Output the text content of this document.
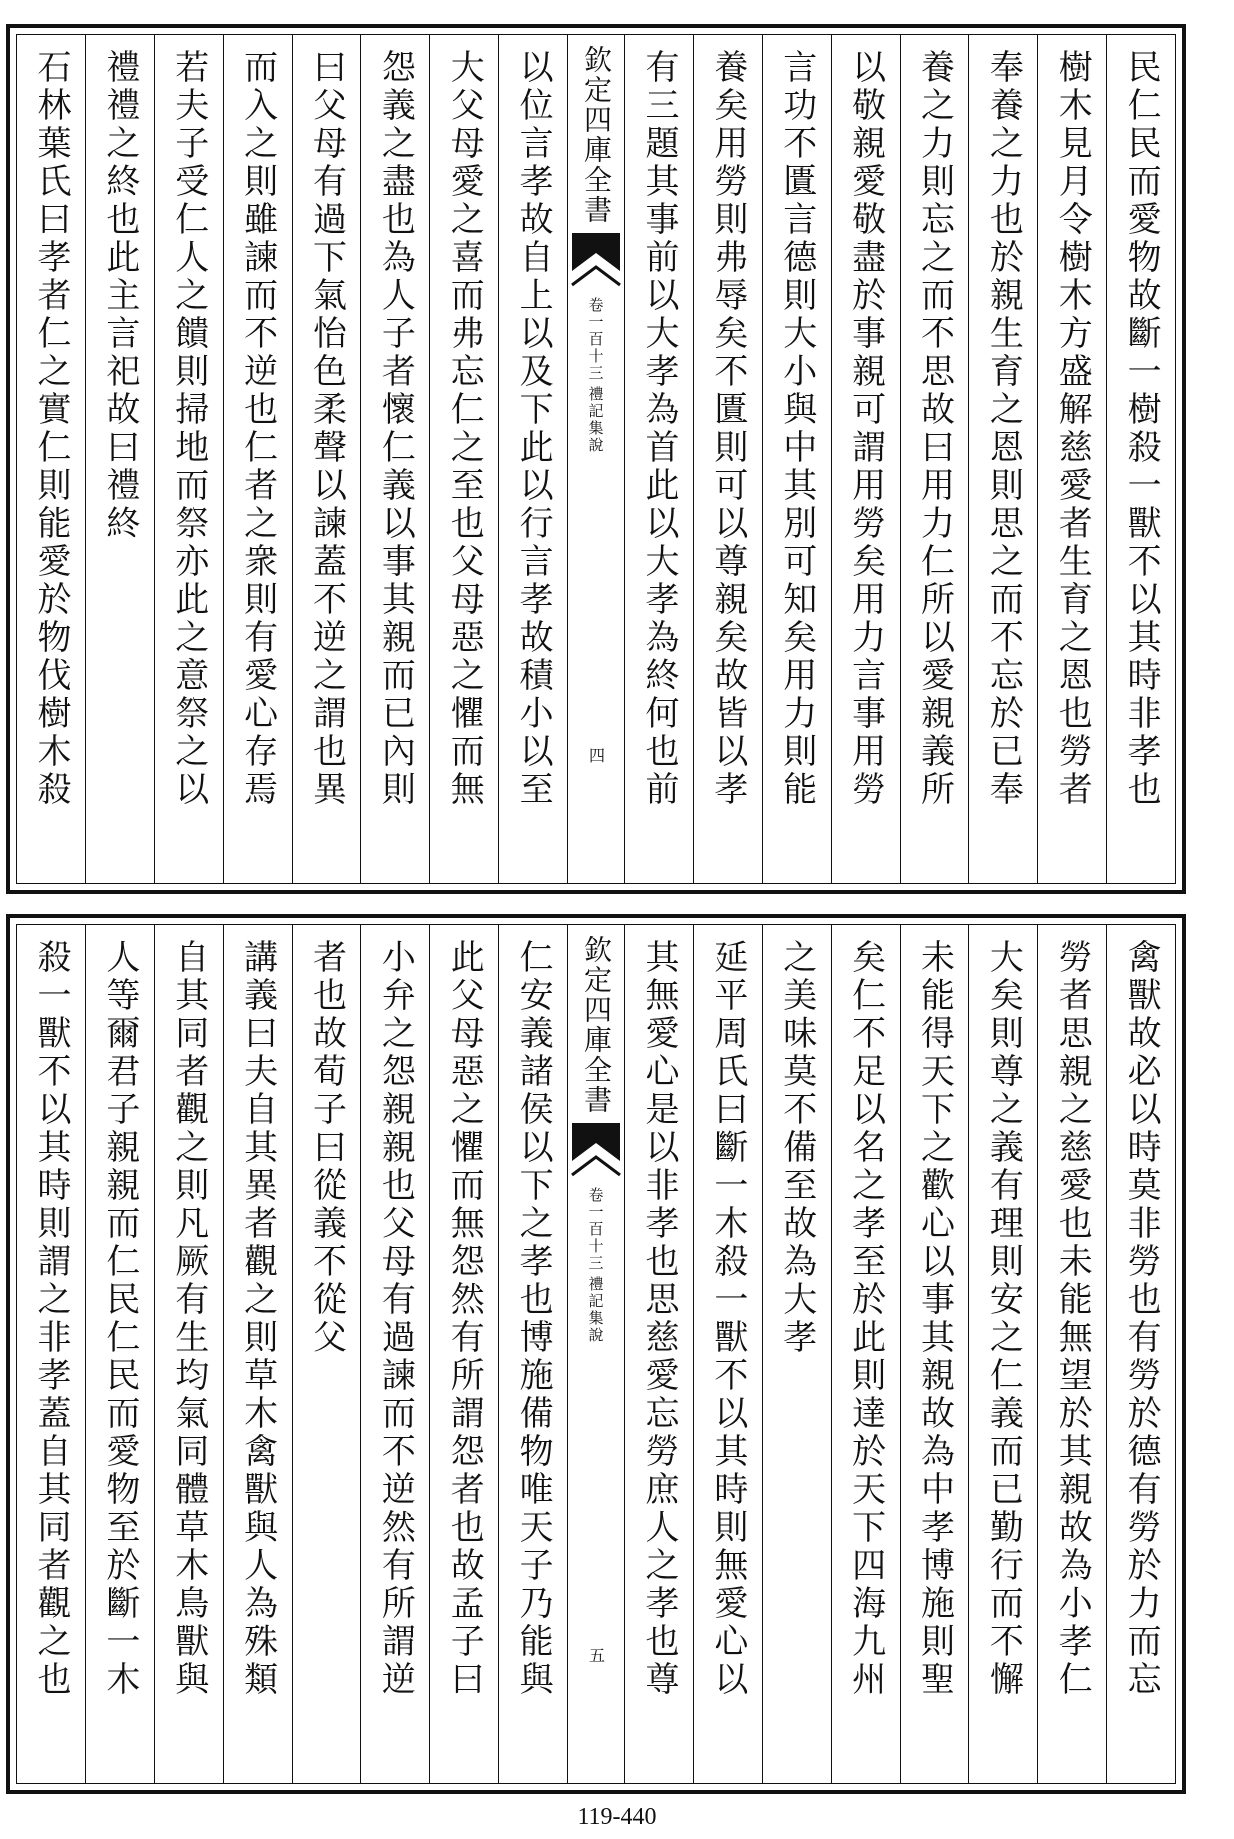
民仁民而愛物故斷一樹殺一獸不以其時非孝也
樹木見月令樹木方盛解慈愛者生育之恩也勞者
奉養之力也於親生育之恩則思之而不忘於已奉
養之力則忘之而不思故曰用力仁所以愛親義所
以敬親愛敬盡於事親可謂用勞矣用力言事用勞
言功不匱言德則大小與中其別可知矣用力則能
養矣用勞則弗辱矣不匱則可以尊親矣故皆以孝
有三題其事前以大孝為首此以大孝為終何也前
欽定四庫全書
禮記集說
卷一百十三
四
以位言孝故自上以及下此以行言孝故積小以至
大父母愛之喜而弗忘仁之至也父母惡之懼而無
怨義之盡也為人子者懷仁義以事其親而已內則
曰父母有過下氣怡色柔聲以諫蓋不逆之謂也異
而入之則雖諫而不逆也仁者之衆則有愛心存焉
若夫子受仁人之饋則掃地而祭亦此之意祭之以
禮禮之終也此主言祀故曰禮終
石林葉氏曰孝者仁之實仁則能愛於物伐樹木殺
禽獸故必以時莫非勞也有勞於德有勞於力而忘
勞者思親之慈愛也未能無望於其親故為小孝仁
大矣則尊之義有理則安之仁義而已勤行而不懈
未能得天下之歡心以事其親故為中孝博施則聖
矣仁不足以名之孝至於此則達於天下四海九州
之美味莫不備至故為大孝
延平周氏曰斷一木殺一獸不以其時則無愛心以
其無愛心是以非孝也思慈愛忘勞庶人之孝也尊
欽定四庫全書
禮記集說
卷一百十三
五
仁安義諸侯以下之孝也博施備物唯天子乃能與
此父母惡之懼而無怨然有所謂怨者也故孟子曰
小弁之怨親親也父母有過諫而不逆然有所謂逆
者也故荀子曰從義不從父
講義曰夫自其異者觀之則草木禽獸與人為殊類
自其同者觀之則凡厥有生均氣同體草木鳥獸與
人等爾君子親親而仁民仁民而愛物至於斷一木
殺一獸不以其時則謂之非孝蓋自其同者觀之也
119-440
